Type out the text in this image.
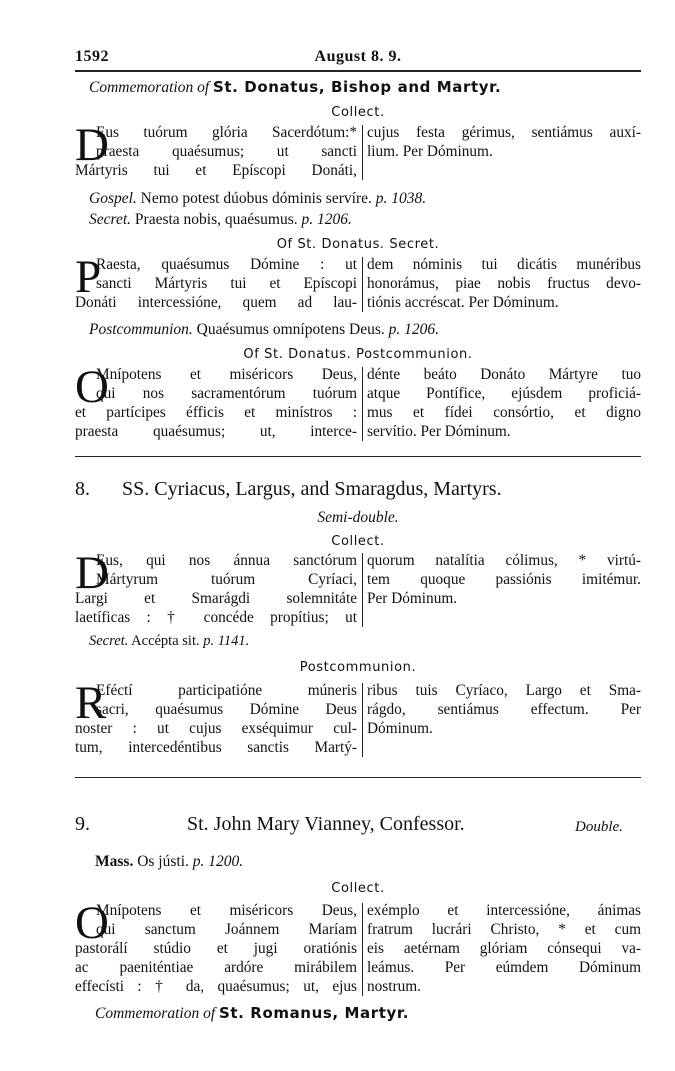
1592	August 8. 9.
Commemoration of St. Donatus, Bishop and Martyr.
Collect.
D
Eus tuórum glória Sacerdótum:*
praesta quaésumus; ut sancti
Mártyris tui et Epíscopi Donáti,
cujus festa gérimus, sentiámus auxí-
lium. Per Dóminum.
Gospel. Nemo potest dúobus dóminis servíre. p. 1038.
Secret. Praesta nobis, quaésumus. p. 1206.
Of St. Donatus. Secret.
P
Raesta, quaésumus Dómine : ut
sancti Mártyris tui et Epíscopi
Donáti intercessióne, quem ad lau-
dem nóminis tui dicátis munéribus
honorámus, piae nobis fructus devo-
tiónis accréscat. Per Dóminum.
Postcommunion. Quaésumus omnípotens Deus. p. 1206.
Of St. Donatus. Postcommunion.
O
Mnípotens et miséricors Deus,
qui nos sacramentórum tuórum
et partícipes éfficis et minístros :
praesta quaésumus; ut, interce-
dénte beáto Donáto Mártyre tuo
atque Pontífice, ejúsdem proficiá-
mus et fídei consórtio, et digno
servítio. Per Dóminum.
8. SS. Cyriacus, Largus, and Smaragdus, Martyrs.
Semi-double.
Collect.
D
Eus, qui nos ánnua sanctórum
Mártyrum tuórum Cyríaci,
Largi et Smarágdi solemnitáte
laetíficas : † concéde propítius; ut
quorum natalítia cólimus, * virtú-
tem quoque passiónis imitémur.
Per Dóminum.
Secret. Accépta sit. p. 1141.
Postcommunion.
R
Eféctí participatióne múneris
sacri, quaésumus Dómine Deus
noster : ut cujus exséquimur cul-
tum, intercedéntibus sanctis Martý-
ribus tuis Cyríaco, Largo et Sma-
rágdo, sentiámus effectum. Per
Dóminum.
9.	St. John Mary Vianney, Confessor.	Double.
Mass. Os jústi. p. 1200.
Collect.
O
Mnípotens et miséricors Deus,
qui sanctum Joánnem Maríam
pastorálí stúdio et jugi oratiónis
ac paeniténtiae ardóre mirábilem
effecísti : † da, quaésumus; ut, ejus
exémplo et intercessióne, ánimas
fratrum lucrári Christo, * et cum
eis aetérnam glóriam cónsequi va-
leámus. Per eúmdem Dóminum
nostrum.
Commemoration of St. Romanus, Martyr.
